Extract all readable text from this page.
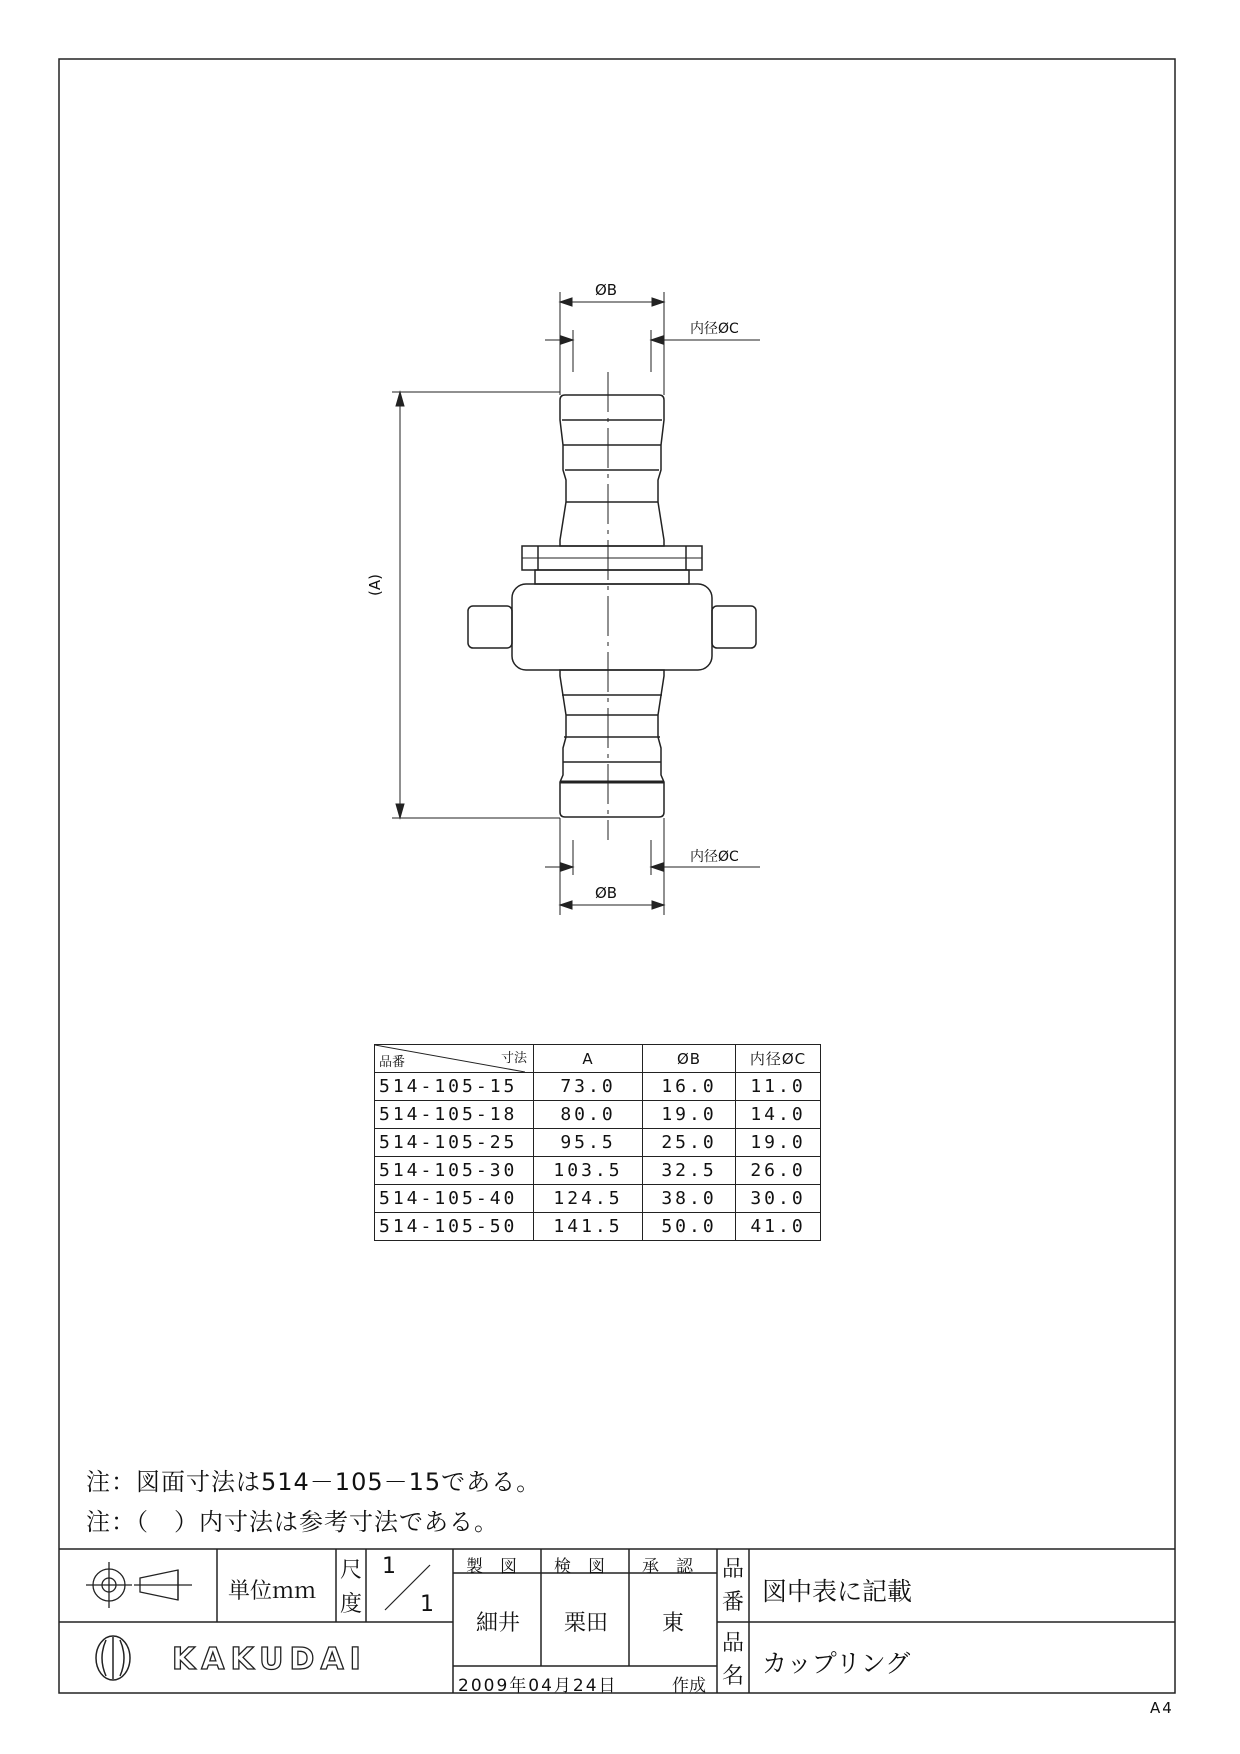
ØB
内径ØC
(A)
内径ØC
ØB
寸法
品番	A	ØB	内径ØC
514-105-15	73.0	16.0	11.0
514-105-18	80.0	19.0	14.0
514-105-25	95.5	25.0	19.0
514-105-30	103.5	32.5	26.0
514-105-40	124.5	38.0	30.0
514-105-50	141.5	50.0	41.0
注：図面寸法は514－105－15である。
注：（　）内寸法は参考寸法である。
単位ｍｍ
尺
度
1
1
製　図 検　図 承　認
細井 栗田 東
2009年04月24日	作成
品
番 図中表に記載
品
名 カップリング
KAKUDAI
A4
